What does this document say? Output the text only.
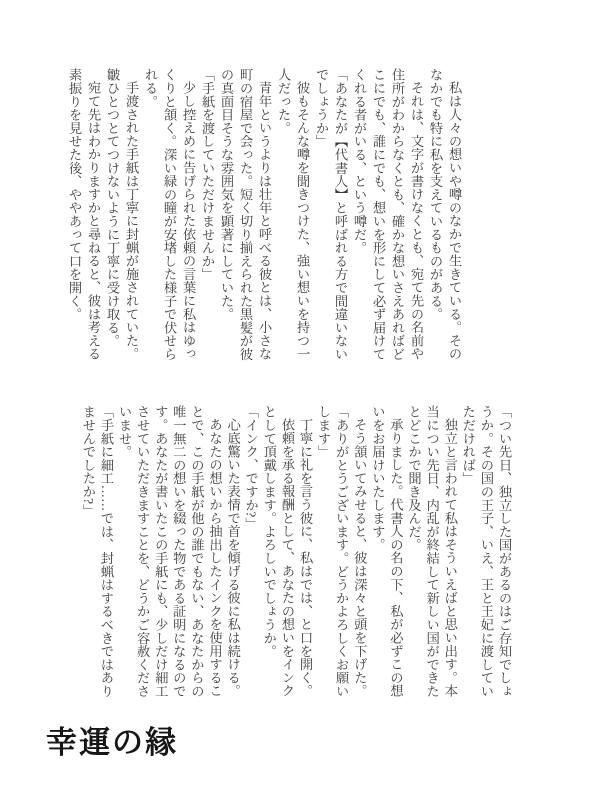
私は人々の想いや噂のなかで生きている。そのなかでも特に私を支えているものがある。

それは、文字が書けなくとも、宛て先の名前や住所がわからなくとも、確かな想いさえあればどこにでも、誰にでも、想いを形にして必ず届けてくれる者がいる、という噂だ。

「あなたが【代書人】と呼ばれる方で間違いないでしょうか」

彼もそんな噂を聞きつけた、強い想いを持つ一人だった。

青年というよりは壮年と呼べる彼とは、小さな町の宿屋で会った。短く切り揃えられた黒髪が彼の真面目そうな雰囲気を顕著にしていた。

「手紙を渡していただけませんか」

少し控えめに告げられた依頼の言葉に私はゆっくりと頷く。深い緑の瞳が安堵した様子で伏せられる。

手渡された手紙は丁寧に封蝋が施されていた。皺ひとつとてつけないように丁寧に受け取る。

宛て先はわかりますかと尋ねると、彼は考える素振りを見せた後、ややあって口を開く。

「つい先日、独立した国があるのはご存知でしょうか。その国の王子、いえ、王と王妃に渡していただければ」

独立と言われて私はそういえばと思い出す。本当につい先日、内乱が終結して新しい国ができたとどこかで聞き及んだ。

承りました。代書人の名の下、私が必ずこの想いをお届けいたします。

そう頷いてみせると、彼は深々と頭を下げた。

「ありがとうございます。どうかよろしくお願いします」

丁寧に礼を言う彼に、私はでは、と口を開く。

依頼を承る報酬として、あなたの想いをインクとして頂戴します。よろしいでしょうか。

「インク、ですか?」

心底驚いた表情で首を傾げる彼に私は続ける。

あなたの想いから抽出したインクを使用することで、この手紙が他の誰でもない、あなたからの唯一無二の想いを綴った物である証明になるのです。あなたが書いたこの手紙にも、少しだけ細工させていただきますことを、どうかご容赦くださいませ。

「手紙に細工……では、封蝋はするべきではありませんでしたか?」

幸運の縁
